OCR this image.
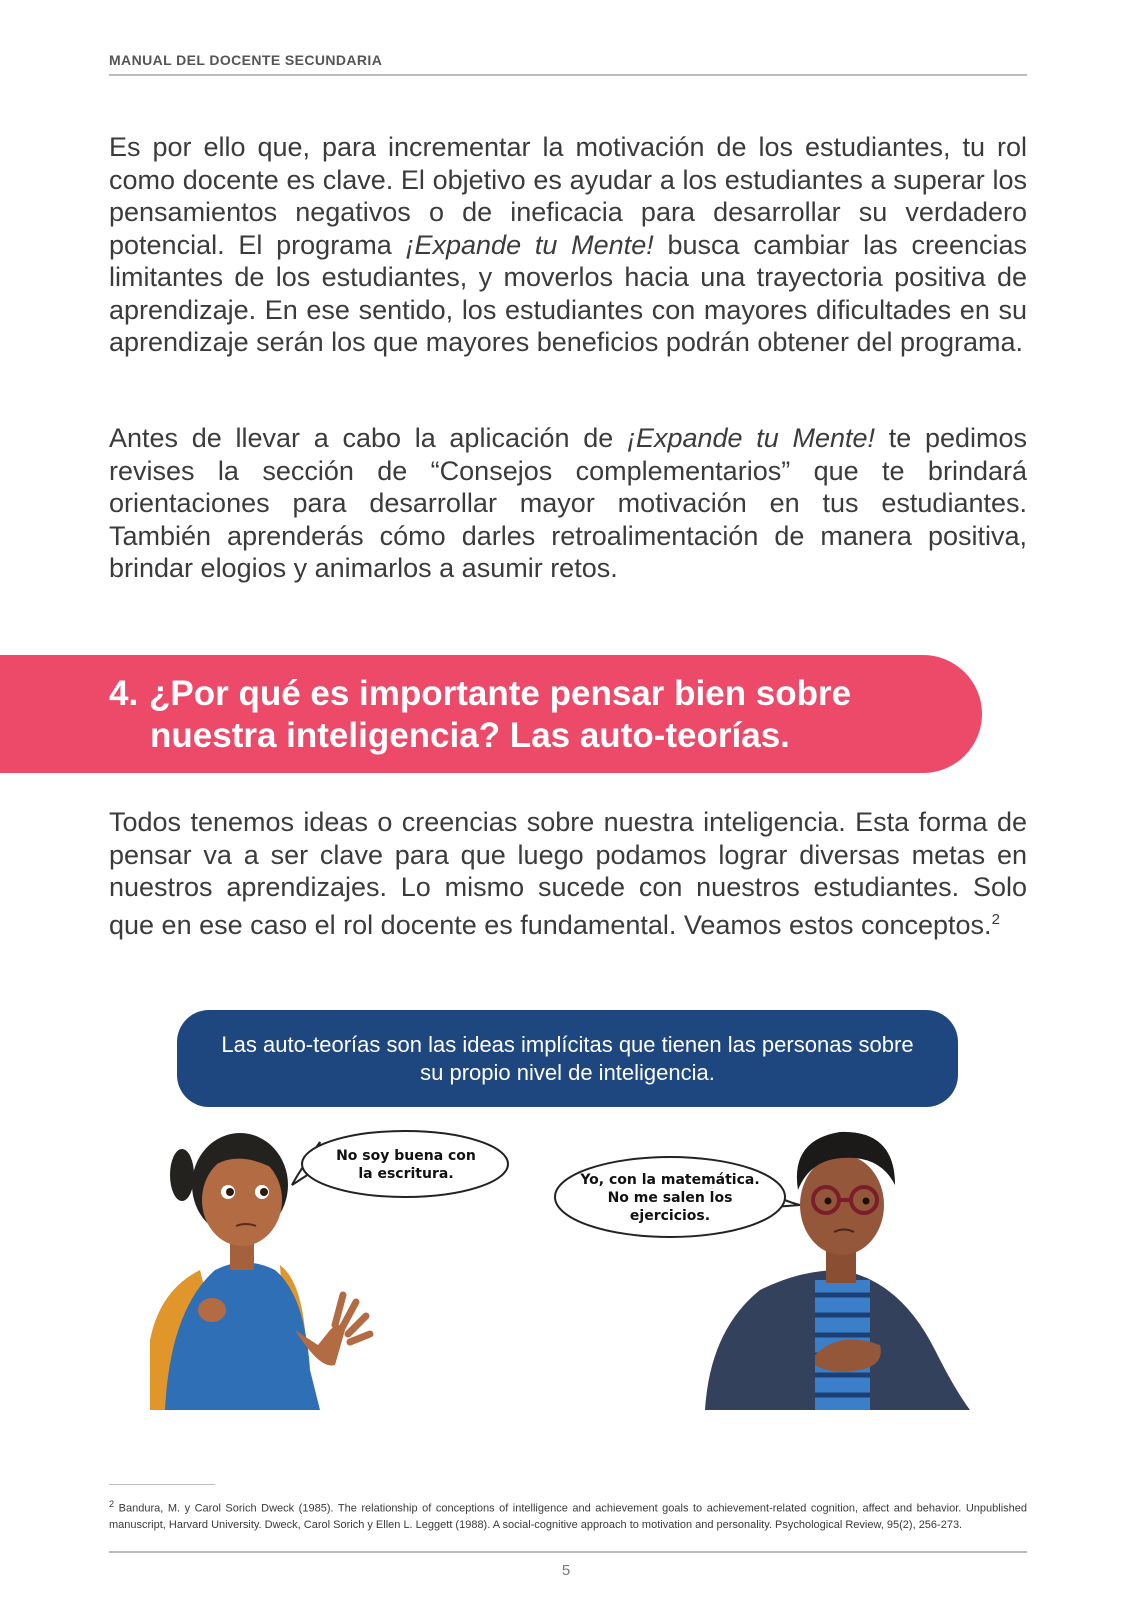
MANUAL DEL DOCENTE SECUNDARIA

Es por ello que, para incrementar la motivación de los estudiantes, tu rol como docente es clave. El objetivo es ayudar a los estudiantes a superar los pensamientos negativos o de ineficacia para desarrollar su verdadero potencial. El programa ¡Expande tu Mente! busca cambiar las creencias limitantes de los estudiantes, y moverlos hacia una trayectoria positiva de aprendizaje. En ese sentido, los estudiantes con mayores dificultades en su aprendizaje serán los que mayores beneficios podrán obtener del programa.

Antes de llevar a cabo la aplicación de ¡Expande tu Mente! te pedimos revises la sección de “Consejos complementarios” que te brindará orientaciones para desarrollar mayor motivación en tus estudiantes. También aprenderás cómo darles retroalimentación de manera positiva, brindar elogios y animarlos a asumir retos.

4. ¿Por qué es importante pensar bien sobre
nuestra inteligencia? Las auto-teorías.

Todos tenemos ideas o creencias sobre nuestra inteligencia. Esta forma de pensar va a ser clave para que luego podamos lograr diversas metas en nuestros aprendizajes. Lo mismo sucede con nuestros estudiantes. Solo que en ese caso el rol docente es fundamental. Veamos estos conceptos.$^2$

Las auto-teorías son las ideas implícitas que tienen las personas sobre su propio nivel de inteligencia.
No soy buena con
la escritura.	Yo, con la matemática.
No me salen los
ejercicios.

$^2$ Bandura, M. y Carol Sorich Dweck (1985). The relationship of conceptions of intelligence and achievement goals to achievement-related cognition, affect and behavior. Unpublished manuscript, Harvard University. Dweck, Carol Sorich y Ellen L. Leggett (1988). A social-cognitive approach to motivation and personality. Psychological Review, 95(2), 256-273.

5
